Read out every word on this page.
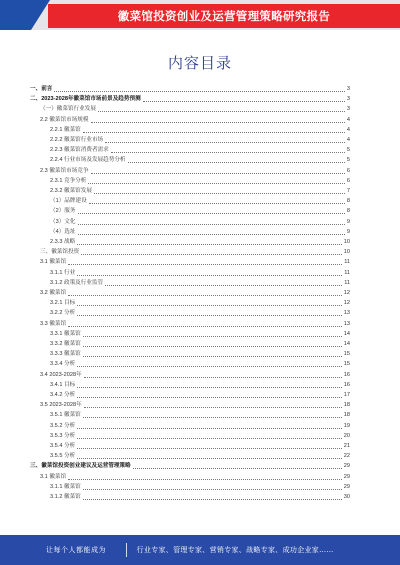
徽菜馆投资创业及运营管理策略研究报告
内容目录
一、前言	3
二、2023-2028年徽菜馆市场前景及趋势预测	3
（一）徽菜馆行业发展	3
2.2 徽菜馆市场规模	4
2.2.1 徽菜馆	4
2.2.2 徽菜馆行业市场	4
2.2.3 徽菜馆消费者需求	5
2.2.4 行业市场及发展趋势分析	5
2.3 徽菜馆市场竞争	6
2.3.1 竞争分析	6
2.3.2 徽菜馆发展	7
（1）品牌建设	8
（2）服务	8
（3）文化	9
（4）选址	9
2.3.3 战略	10
三、徽菜馆投资	10
3.1 徽菜馆	11
3.1.1 行业	11
3.1.2 政策及行业监管	11
3.2 徽菜馆	12
3.2.1 目标	12
3.2.2 分析	13
3.3 徽菜馆	13
3.3.1 徽菜馆	14
3.3.2 徽菜馆	14
3.3.3 徽菜馆	15
3.3.4 分析	15
3.4 2023-2028年	16
3.4.1 目标	16
3.4.2 分析	17
3.5 2023-2028年	18
3.5.1 徽菜馆	18
3.5.2 分析	19
3.5.3 分析	20
3.5.4 分析	21
3.5.5 分析	22
三、徽菜馆投资创业建议及运营管理策略	29
3.1 徽菜馆	29
3.1.1 徽菜馆	29
3.1.2 徽菜馆	30
让每个人都能成为	行业专家、管理专家、营销专家、战略专家、成功企业家……
